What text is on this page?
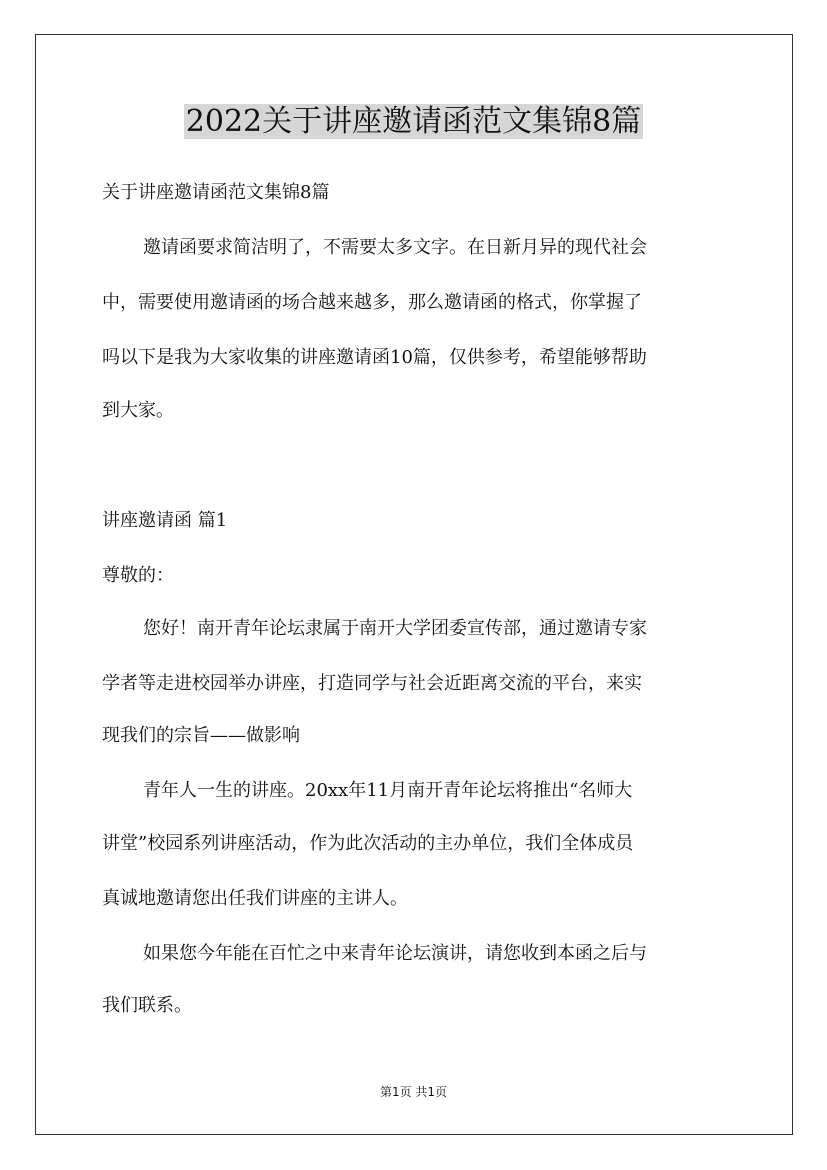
2022关于讲座邀请函范文集锦8篇
关于讲座邀请函范文集锦8篇
邀请函要求简洁明了，不需要太多文字。在日新月异的现代社会
中，需要使用邀请函的场合越来越多，那么邀请函的格式，你掌握了
吗以下是我为大家收集的讲座邀请函10篇，仅供参考，希望能够帮助
到大家。
讲座邀请函 篇1
尊敬的：
您好！南开青年论坛隶属于南开大学团委宣传部，通过邀请专家
学者等走进校园举办讲座，打造同学与社会近距离交流的平台，来实
现我们的宗旨——做影响
青年人一生的讲座。20xx年11月南开青年论坛将推出“名师大
讲堂”校园系列讲座活动，作为此次活动的主办单位，我们全体成员
真诚地邀请您出任我们讲座的主讲人。
如果您今年能在百忙之中来青年论坛演讲，请您收到本函之后与
我们联系。
第1页 共1页
